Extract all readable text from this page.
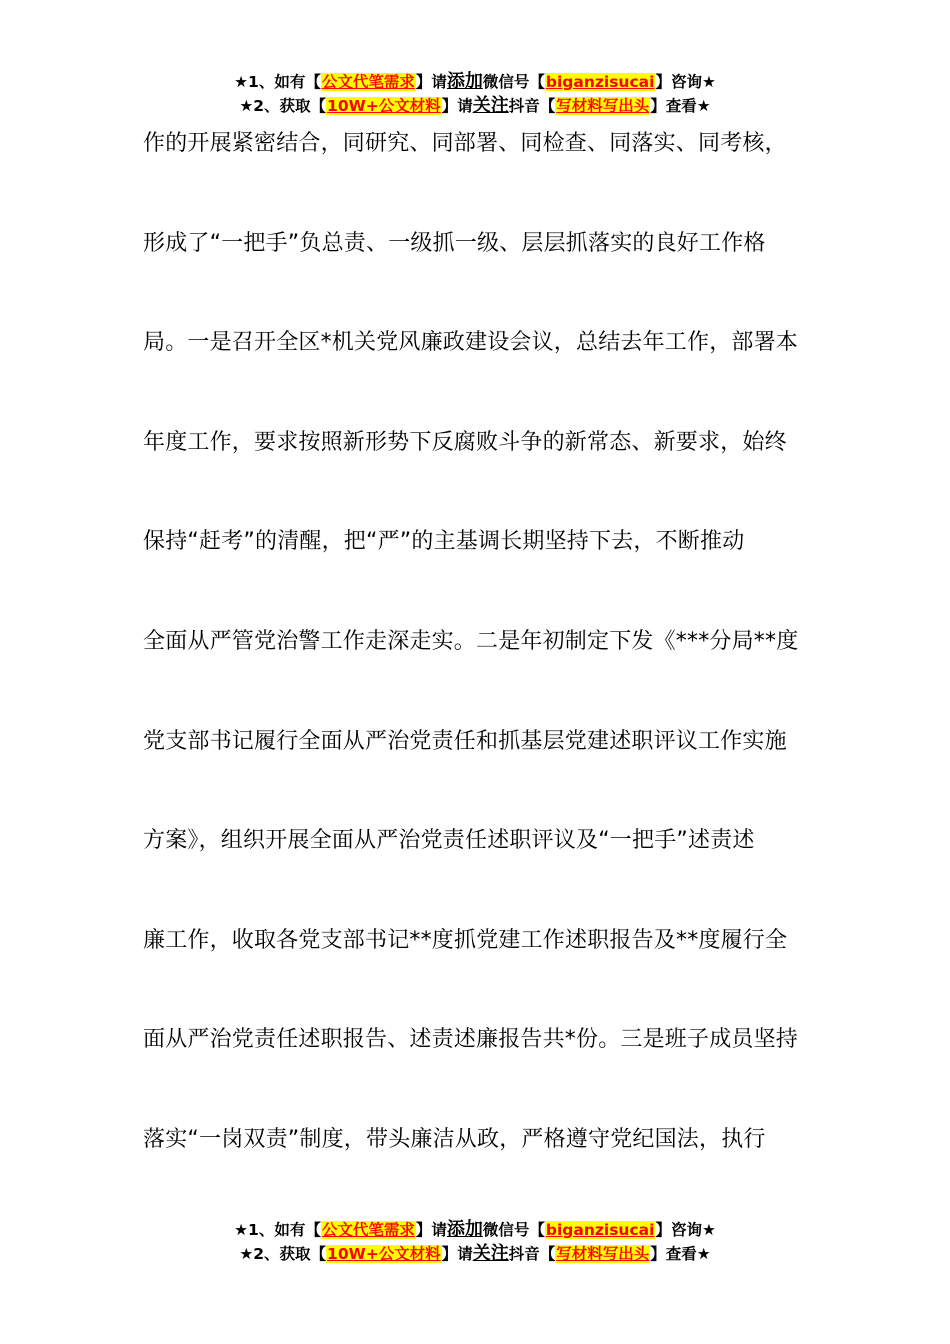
★1、如有【公文代笔需求】请添加微信号【biganzisucai】咨询★
★2、获取【10W+公文材料】请关注抖音【写材料写出头】查看★
作的开展紧密结合，同研究、同部署、同检查、同落实、同考核，
形成了“一把手”负总责、一级抓一级、层层抓落实的良好工作格
局。一是召开全区*机关党风廉政建设会议，总结去年工作，部署本
年度工作，要求按照新形势下反腐败斗争的新常态、新要求，始终
保持“赶考”的清醒，把“严”的主基调长期坚持下去，不断推动
全面从严管党治警工作走深走实。二是年初制定下发《***分局**度
党支部书记履行全面从严治党责任和抓基层党建述职评议工作实施
方案》，组织开展全面从严治党责任述职评议及“一把手”述责述
廉工作，收取各党支部书记**度抓党建工作述职报告及**度履行全
面从严治党责任述职报告、述责述廉报告共*份。三是班子成员坚持
落实“一岗双责”制度，带头廉洁从政，严格遵守党纪国法，执行
★1、如有【公文代笔需求】请添加微信号【biganzisucai】咨询★
★2、获取【10W+公文材料】请关注抖音【写材料写出头】查看★
